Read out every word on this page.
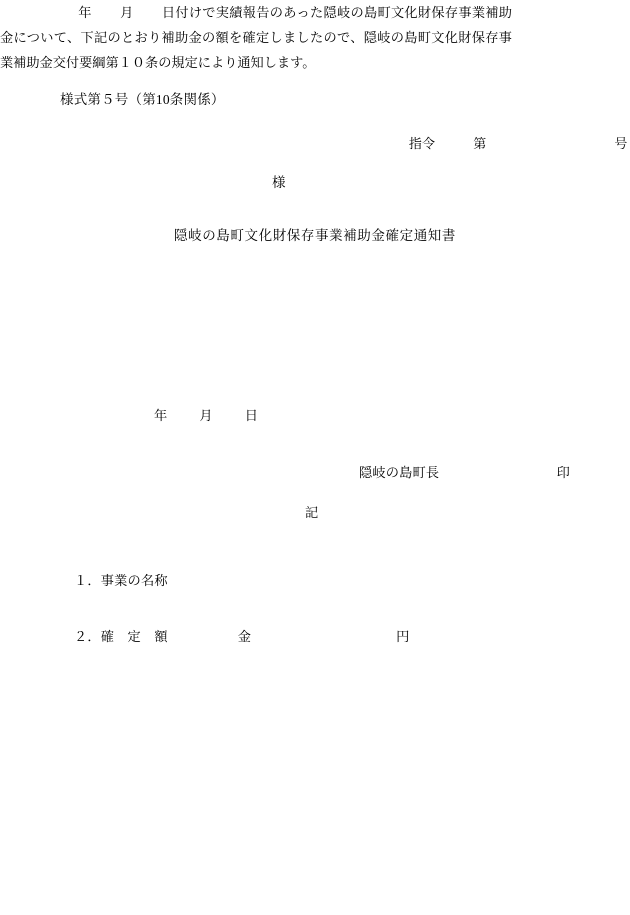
様式第５号（第10条関係）

指令	第	号

様
隠岐の島町文化財保存事業補助金確定通知書
年 月 日付けで実績報告のあった隠岐の島町文化財保存事業補助金について、下記のとおり補助金の額を確定しましたので、隠岐の島町文化財保存事業補助金交付要綱第１０条の規定により通知します。

年 月 日

隠岐の島町長	印

記

１．事業の名称

２．確　定　額	金	円
